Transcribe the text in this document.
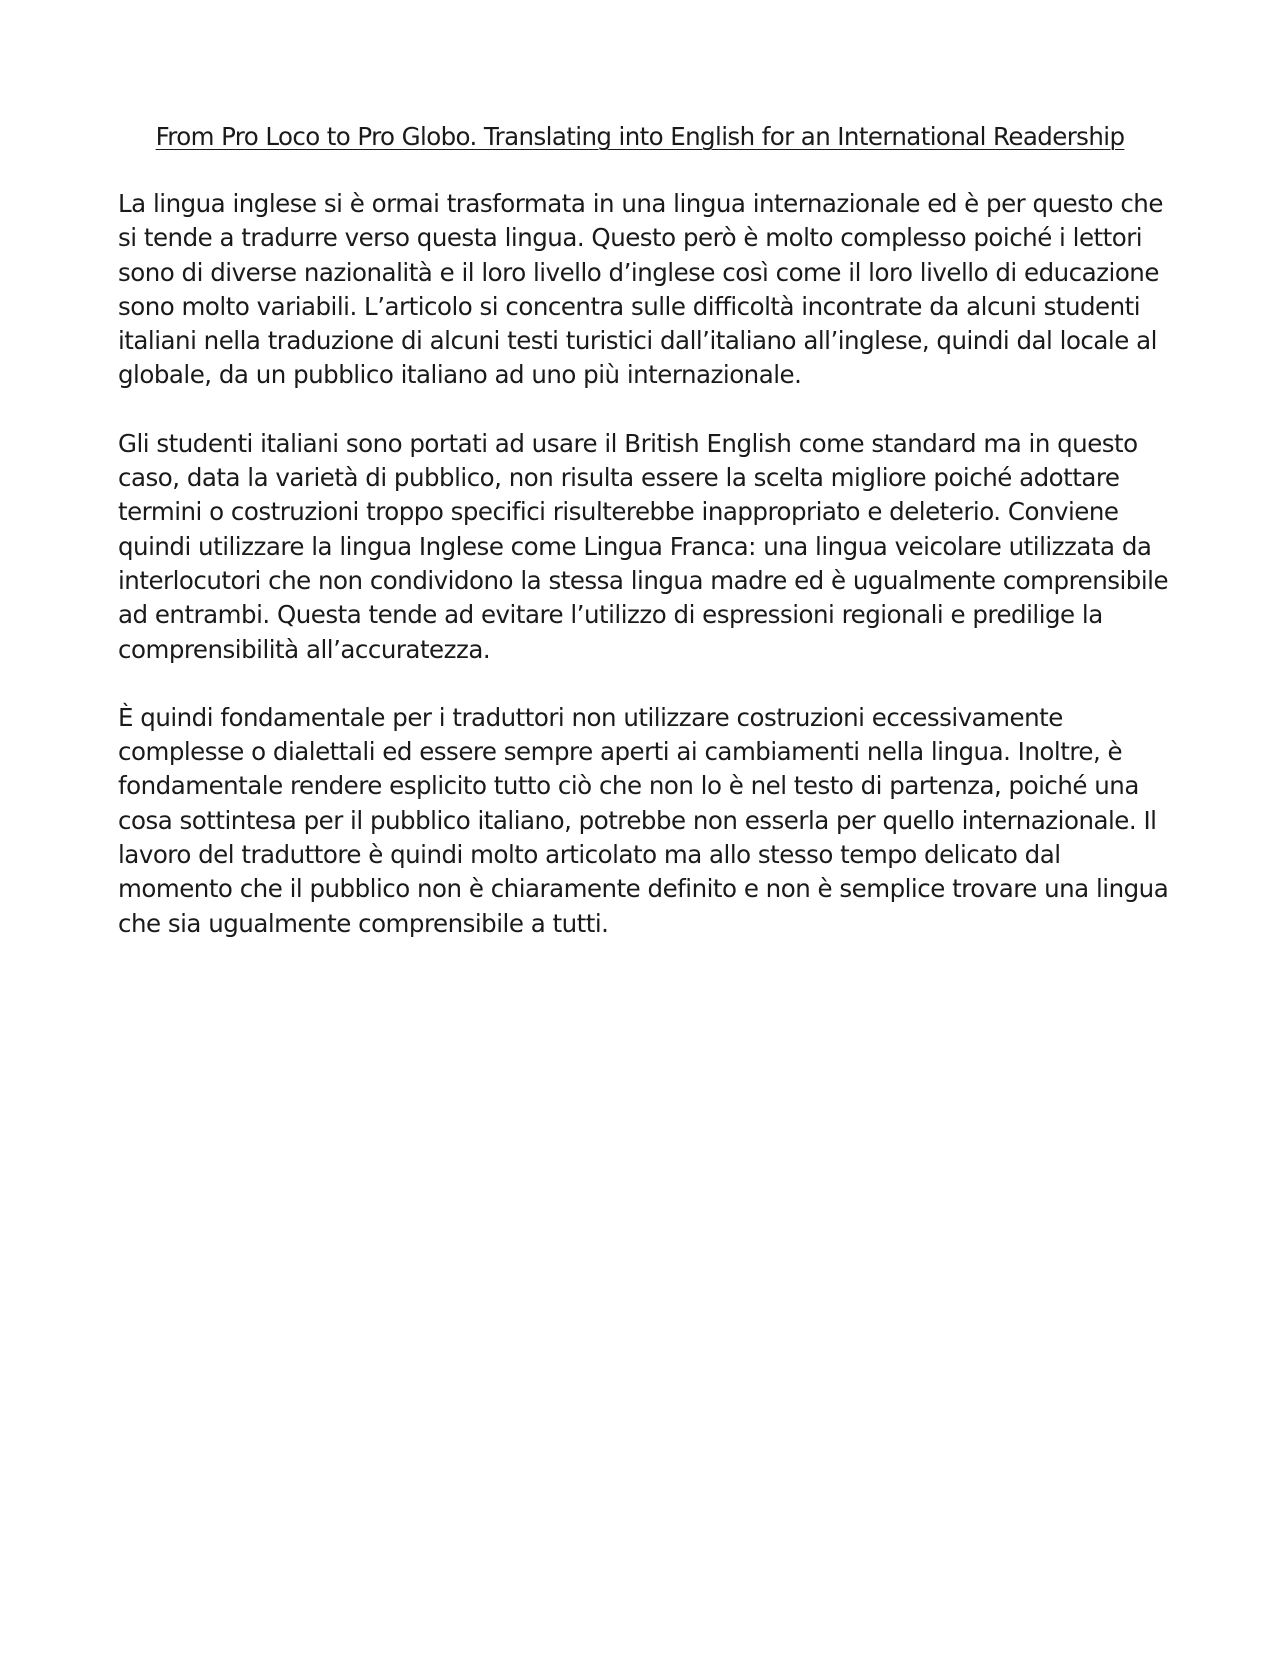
From Pro Loco to Pro Globo. Translating into English for an International Readership

La lingua inglese si è ormai trasformata in una lingua internazionale ed è per questo che
si tende a tradurre verso questa lingua. Questo però è molto complesso poiché i lettori
sono di diverse nazionalità e il loro livello d’inglese così come il loro livello di educazione
sono molto variabili. L’articolo si concentra sulle difficoltà incontrate da alcuni studenti
italiani nella traduzione di alcuni testi turistici dall’italiano all’inglese, quindi dal locale al
globale, da un pubblico italiano ad uno più internazionale.

Gli studenti italiani sono portati ad usare il British English come standard ma in questo
caso, data la varietà di pubblico, non risulta essere la scelta migliore poiché adottare
termini o costruzioni troppo specifici risulterebbe inappropriato e deleterio. Conviene
quindi utilizzare la lingua Inglese come Lingua Franca: una lingua veicolare utilizzata da
interlocutori che non condividono la stessa lingua madre ed è ugualmente comprensibile
ad entrambi. Questa tende ad evitare l’utilizzo di espressioni regionali e predilige la
comprensibilità all’accuratezza.

È quindi fondamentale per i traduttori non utilizzare costruzioni eccessivamente
complesse o dialettali ed essere sempre aperti ai cambiamenti nella lingua. Inoltre, è
fondamentale rendere esplicito tutto ciò che non lo è nel testo di partenza, poiché una
cosa sottintesa per il pubblico italiano, potrebbe non esserla per quello internazionale. Il
lavoro del traduttore è quindi molto articolato ma allo stesso tempo delicato dal
momento che il pubblico non è chiaramente definito e non è semplice trovare una lingua
che sia ugualmente comprensibile a tutti.
